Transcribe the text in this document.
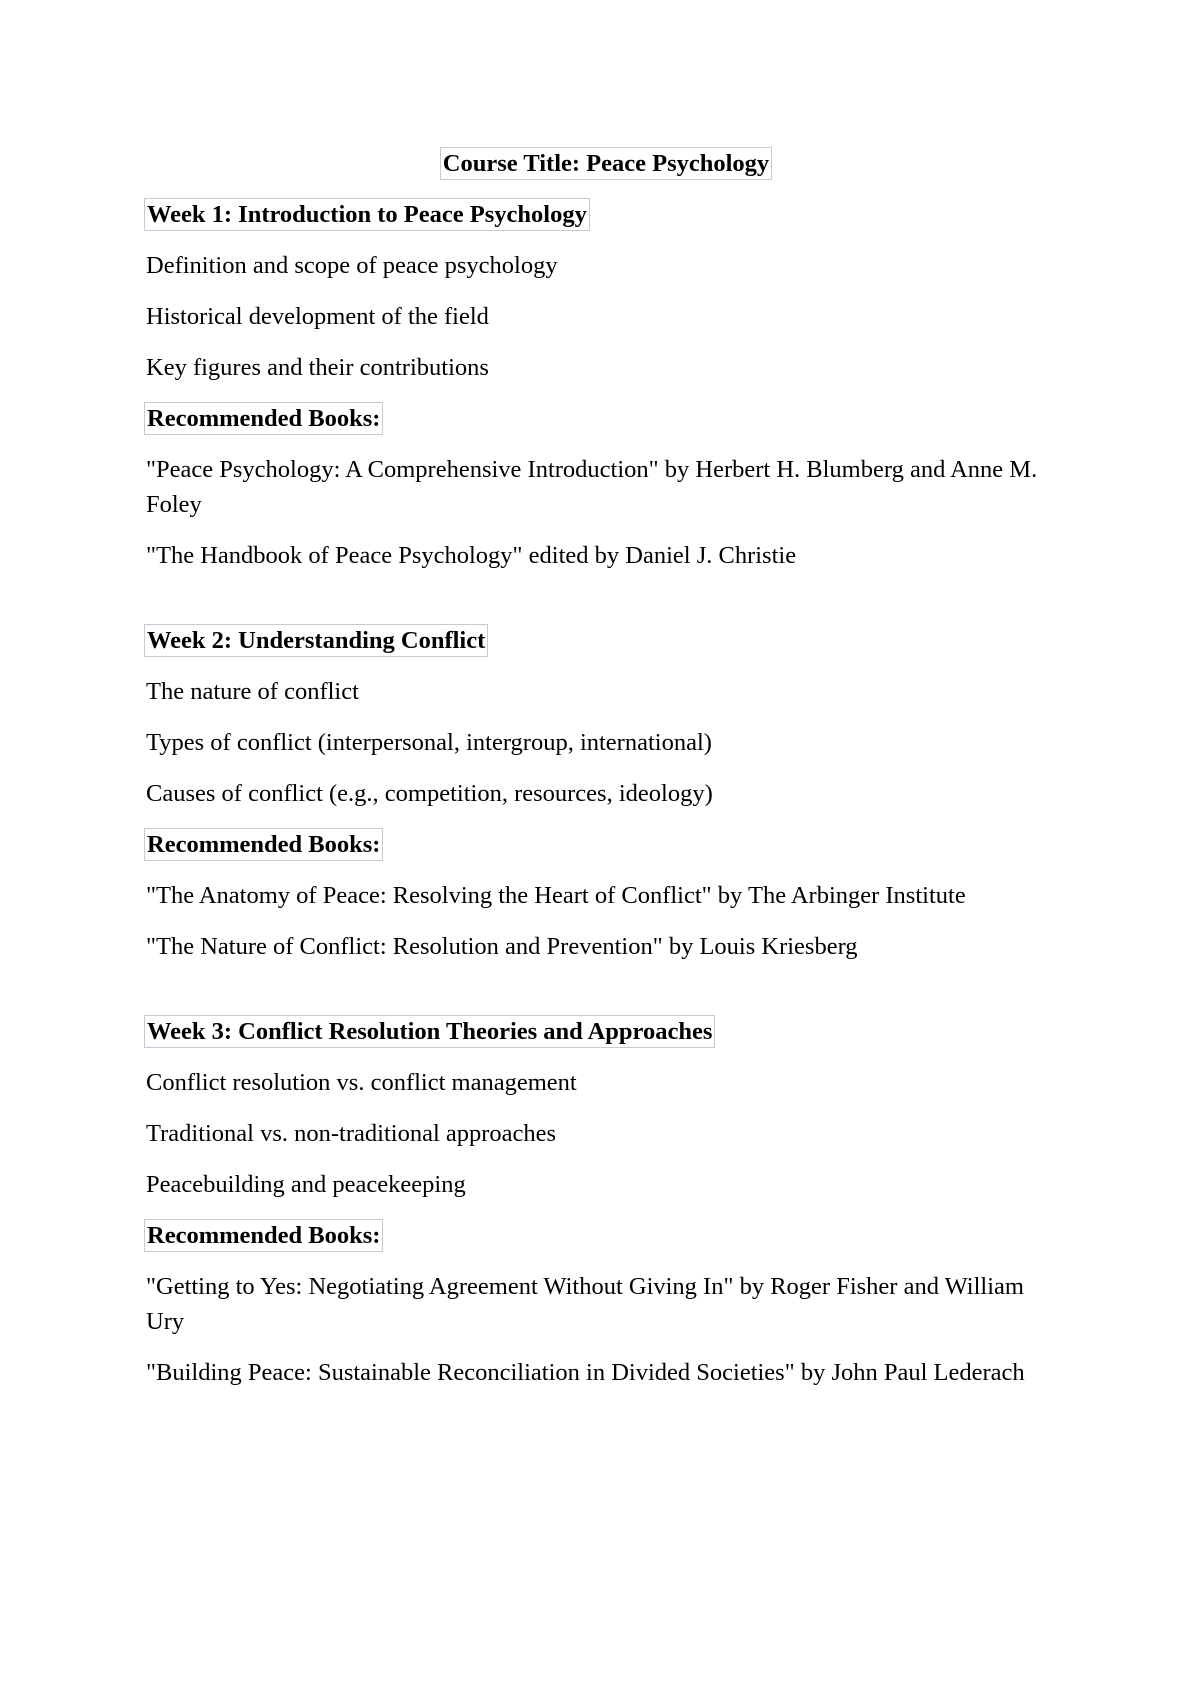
Course Title: Peace Psychology
Week 1: Introduction to Peace Psychology
Definition and scope of peace psychology
Historical development of the field
Key figures and their contributions
Recommended Books:
"Peace Psychology: A Comprehensive Introduction" by Herbert H. Blumberg and Anne M. Foley
"The Handbook of Peace Psychology" edited by Daniel J. Christie
Week 2: Understanding Conflict
The nature of conflict
Types of conflict (interpersonal, intergroup, international)
Causes of conflict (e.g., competition, resources, ideology)
Recommended Books:
"The Anatomy of Peace: Resolving the Heart of Conflict" by The Arbinger Institute
"The Nature of Conflict: Resolution and Prevention" by Louis Kriesberg
Week 3: Conflict Resolution Theories and Approaches
Conflict resolution vs. conflict management
Traditional vs. non-traditional approaches
Peacebuilding and peacekeeping
Recommended Books:
"Getting to Yes: Negotiating Agreement Without Giving In" by Roger Fisher and William Ury
"Building Peace: Sustainable Reconciliation in Divided Societies" by John Paul Lederach
